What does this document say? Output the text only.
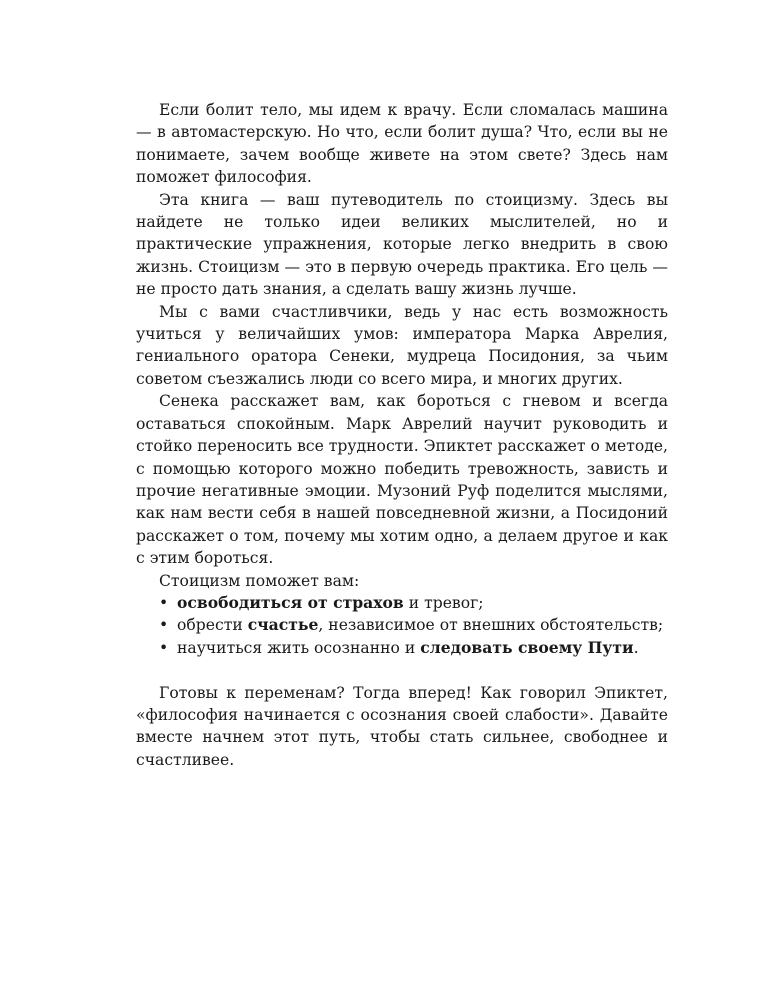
Если болит тело, мы идем к врачу. Если сломалась машина — в автомастерскую. Но что, если болит душа? Что, если вы не понимаете, зачем вообще живете на этом свете? Здесь нам поможет философия.

Эта книга — ваш путеводитель по стоицизму. Здесь вы найдете не только идеи великих мыслителей, но и практические упражнения, которые легко внедрить в свою жизнь. Стоицизм — это в первую очередь практика. Его цель — не просто дать знания, а сделать вашу жизнь лучше.

Мы с вами счастливчики, ведь у нас есть возможность учиться у величайших умов: императора Марка Аврелия, гениального оратора Сенеки, мудреца Посидония, за чьим советом съезжались люди со всего мира, и многих других.

Сенека расскажет вам, как бороться с гневом и всегда оставаться спокойным. Марк Аврелий научит руководить и стойко переносить все трудности. Эпиктет расскажет о методе, с помощью которого можно победить тревожность, зависть и прочие негативные эмоции. Музоний Руф поделится мыслями, как нам вести себя в нашей повседневной жизни, а Посидоний расскажет о том, почему мы хотим одно, а делаем другое и как с этим бороться.

Стоицизм поможет вам:

• освободиться от страхов и тревог;
• обрести счастье, независимое от внешних обстоятельств;
• научиться жить осознанно и следовать своему Пути.

Готовы к переменам? Тогда вперед! Как говорил Эпиктет, «философия начинается с осознания своей слабости». Давайте вместе начнем этот путь, чтобы стать сильнее, свободнее и счастливее.
